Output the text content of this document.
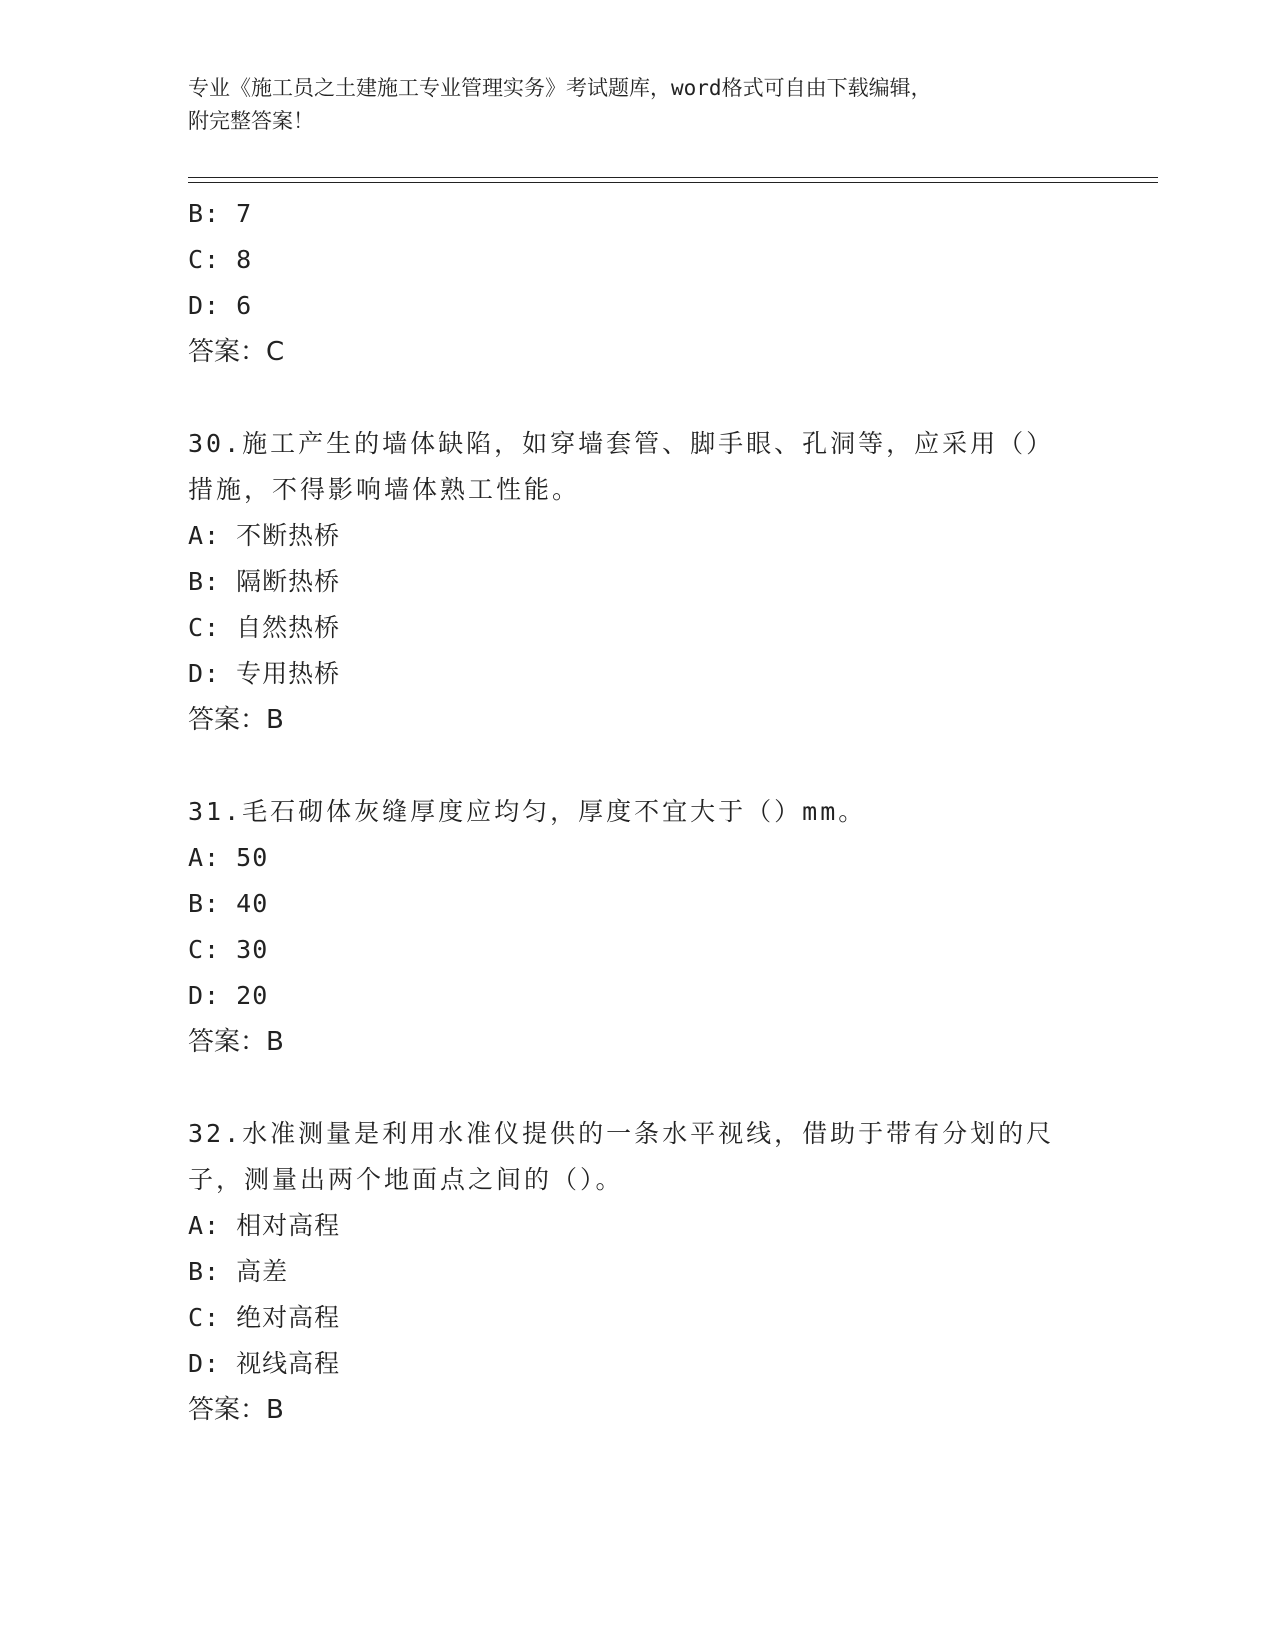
专业《施工员之土建施工专业管理实务》考试题库，word格式可自由下载编辑，
附完整答案！
B: 7
C: 8
D: 6
答案：C
30.施工产生的墙体缺陷，如穿墙套管、脚手眼、孔洞等，应采用（）
措施，不得影响墙体熟工性能。
A: 不断热桥
B: 隔断热桥
C: 自然热桥
D: 专用热桥
答案：B
31.毛石砌体灰缝厚度应均匀，厚度不宜大于（）mm。
A: 50
B: 40
C: 30
D: 20
答案：B
32.水准测量是利用水准仪提供的一条水平视线，借助于带有分划的尺
子，测量出两个地面点之间的（）。
A: 相对高程
B: 高差
C: 绝对高程
D: 视线高程
答案：B
